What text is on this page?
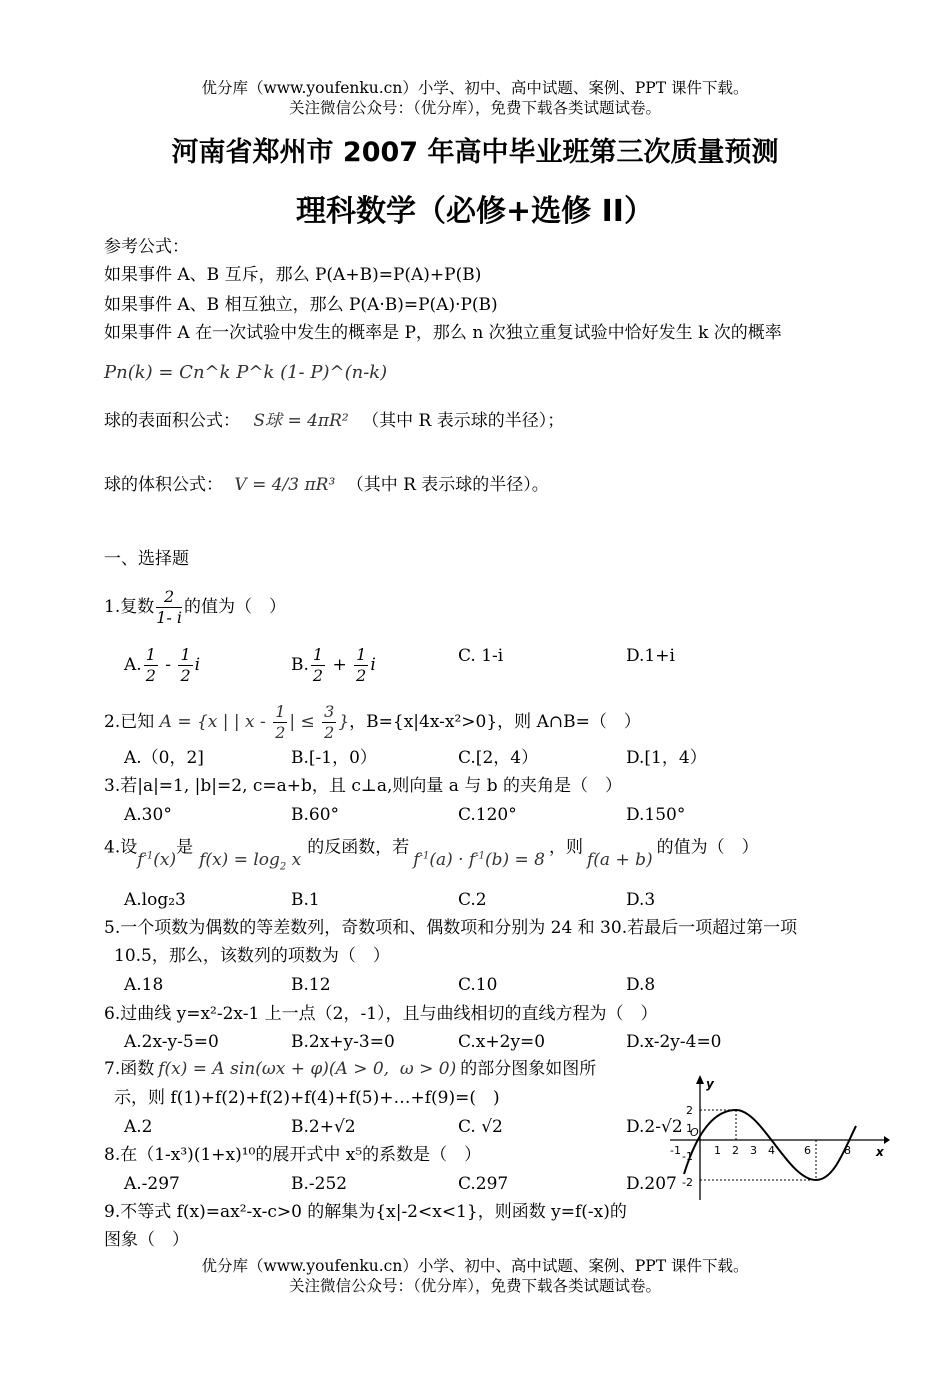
优分库（www.youfenku.cn）小学、初中、高中试题、案例、PPT 课件下载。
关注微信公众号：（优分库），免费下载各类试题试卷。
河南省郑州市 2007 年高中毕业班第三次质量预测
理科数学（必修+选修 II）
参考公式：
如果事件 A、B 互斥，那么 P(A+B)=P(A)+P(B)
如果事件 A、B 相互独立，那么 P(A·B)=P(A)·P(B)
如果事件 A 在一次试验中发生的概率是 P，那么 n 次独立重复试验中恰好发生 k 次的概率
Pn(k) = Cn^k P^k (1- P)^(n-k)
球的表面积公式： S球 = 4πR² （其中 R 表示球的半径）；
球的体积公式： V = 4/3 πR³ （其中 R 表示球的半径）。
一、选择题
1.复数 $\frac{2}{1- i}$ 的值为（　）
A. $\frac{1}{2} - \frac{1}{2}$ i	B. $\frac{1}{2} + \frac{1}{2}$ i	C. 1-i	D.1+i
2.已知 A = {x | | x - $\frac{1}{2}$ | ≤ $\frac{3}{2}$ }，B={x|4x-x²>0}，则 A∩B=（　）
A.（0，2]	B.[-1，0）	C.[2，4）	D.[1，4）
3.若|a|=1, |b|=2, c=a+b，且 c⊥a,则向量 a 与 b 的夹角是（　）
A.30°	B.60°	C.120°	D.150°
4.设$f^{-1}(x)$是$f(x) = \log_2 x$的反函数，若$f^{-1}(a) \cdot f^{-1}(b) = 8$，则f(a + b)的值为（　）
A.log₂3	B.1	C.2	D.3
5.一个项数为偶数的等差数列，奇数项和、偶数项和分别为 24 和 30.若最后一项超过第一项
10.5，那么，该数列的项数为（　）
A.18	B.12	C.10	D.8
6.过曲线 y=x²-2x-1 上一点（2，-1），且与曲线相切的直线方程为（　）
A.2x-y-5=0	B.2x+y-3=0	C.x+2y=0	D.x-2y-4=0
7.函数 f(x) = A sin(ωx + φ)(A > 0,  ω > 0) 的部分图象如图所
示，则 f(1)+f(2)+f(2)+f(4)+f(5)+…+f(9)=(　)
A.2	B.2+√2	C. √2	D.2-√2
y
x
O
2
1
-1
-2
-1	1 2 3 4	6	8
8.在（1-x³)(1+x)¹⁰的展开式中 x⁵的系数是（　）
A.-297	B.-252	C.297	D.207
9.不等式 f(x)=ax²-x-c>0 的解集为{x|-2<x<1}，则函数 y=f(-x)的
图象（　）
优分库（www.youfenku.cn）小学、初中、高中试题、案例、PPT 课件下载。
关注微信公众号：（优分库），免费下载各类试题试卷。
